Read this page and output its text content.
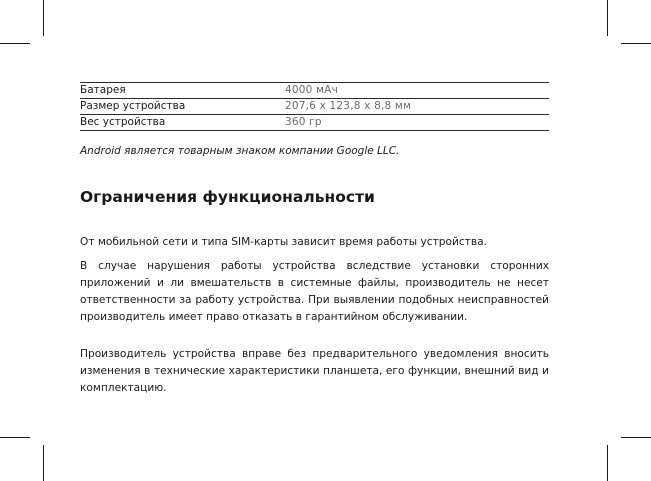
Батарея	4000 мАч
Размер устройства	207,6 x 123,8 x 8,8 мм
Вес устройства	360 гр
Android является товарным знаком компании Google LLC.
Ограничения функциональности

От мобильной сети и типа SIM-карты зависит время работы устройства.

В случае нарушения работы устройства вследствие установки сторонних приложений и ли вмешательств в системные файлы, производитель не несет ответственности за работу устройства. При выявлении подобных неисправностей производитель имеет право отказать в гарантийном обслуживании.

Производитель устройства вправе без предварительного уведомления вносить изменения в технические характеристики планшета, его функции, внешний вид и комплектацию.
